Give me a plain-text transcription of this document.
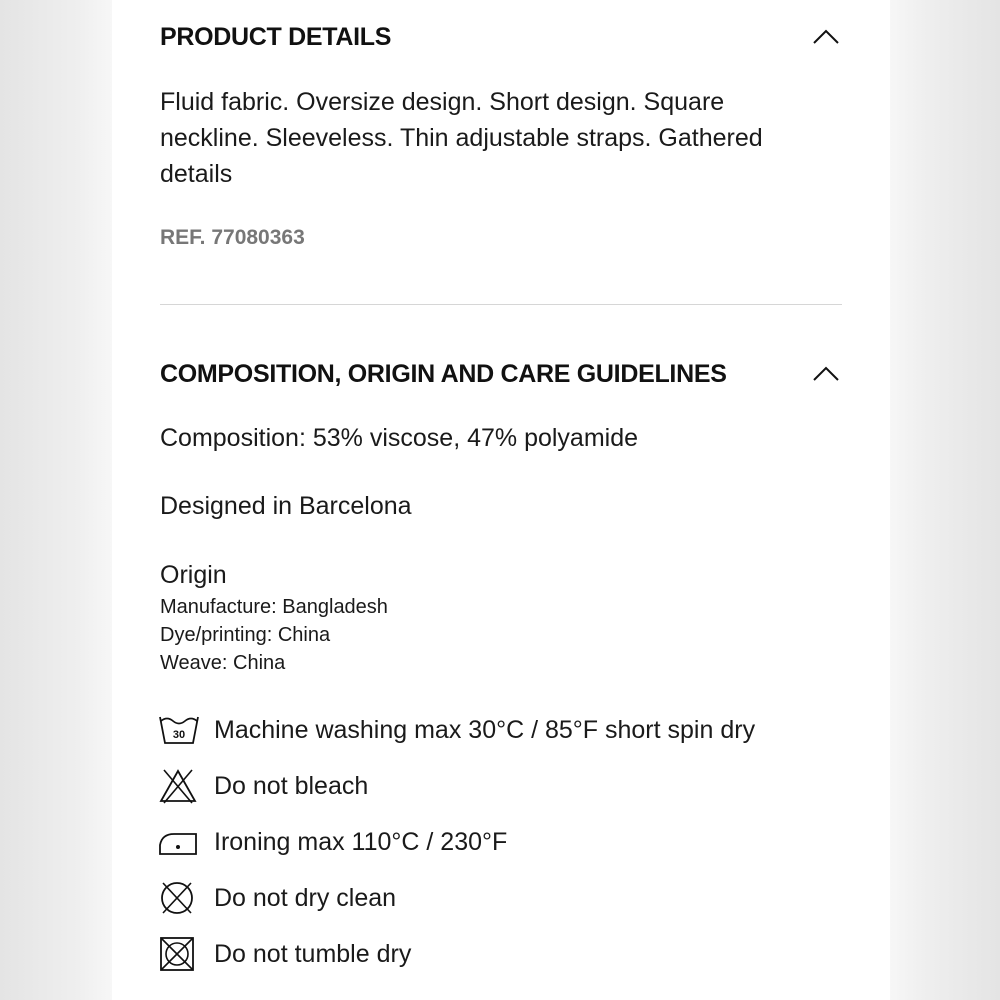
PRODUCT DETAILS
Fluid fabric. Oversize design. Short design. Square neckline. Sleeveless. Thin adjustable straps. Gathered details
REF. 77080363
COMPOSITION, ORIGIN AND CARE GUIDELINES
Composition: 53% viscose, 47% polyamide
Designed in Barcelona
Origin
Manufacture: Bangladesh
Dye/printing: China
Weave: China
30 Machine washing max 30°C / 85°F short spin dry
Do not bleach
Ironing max 110°C / 230°F
Do not dry clean
Do not tumble dry
